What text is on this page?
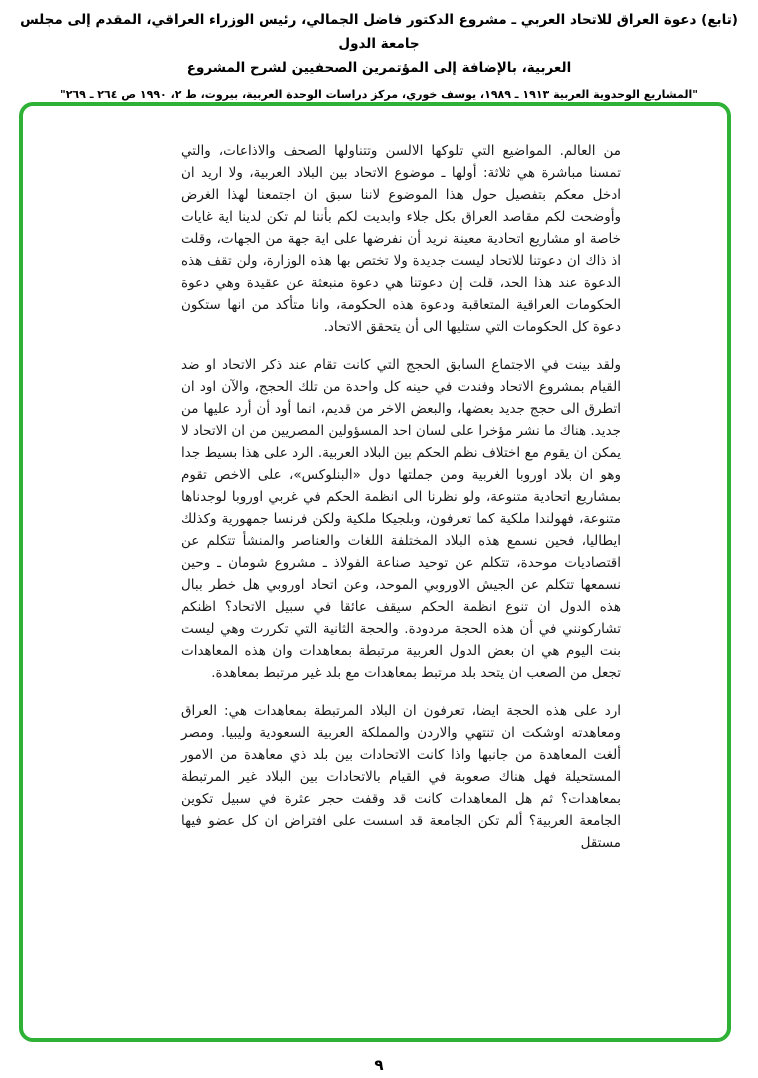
(تابع) دعوة العراق للاتحاد العربي ـ مشروع الدكتور فاضل الجمالي، رئيس الوزراء العراقي، المقدم إلى مجلس جامعة الدول
العربية، بالإضافة إلى المؤتمرين الصحفيين لشرح المشروع
"المشاريع الوحدوية العربية ١٩١٣ ـ ١٩٨٩، يوسف خوري، مركز دراسات الوحدة العربية، بيروت، ط ٢، ١٩٩٠ ص ٢٦٤ ـ ٢٦٩"

من العالم. المواضيع التي تلوكها الالسن وتتناولها الصحف والاذاعات، والتي تمسنا مباشرة هي ثلاثة: أولها ـ موضوع الاتحاد بين البلاد العربية، ولا اريد ان ادخل معكم بتفصيل حول هذا الموضوع لاننا سبق ان اجتمعنا لهذا الغرض وأوضحت لكم مقاصد العراق بكل جلاء وابديت لكم بأننا لم تكن لدينا اية غايات خاصة او مشاريع اتحادية معينة نريد أن نفرضها على اية جهة من الجهات، وقلت اذ ذاك ان دعوتنا للاتحاد ليست جديدة ولا تختص بها هذه الوزارة، ولن تقف هذه الدعوة عند هذا الحد، قلت إن دعوتنا هي دعوة منبعثة عن عقيدة وهي دعوة الحكومات العراقية المتعاقبة ودعوة هذه الحكومة، وانا متأكد من انها ستكون دعوة كل الحكومات التي ستليها الى أن يتحقق الاتحاد.

ولقد بينت في الاجتماع السابق الحجج التي كانت تقام عند ذكر الاتحاد او ضد القيام بمشروع الاتحاد وفندت في حينه كل واحدة من تلك الحجج، والآن اود ان اتطرق الى حجج جديد بعضها، والبعض الاخر من قديم، انما أود أن أرد عليها من جديد. هناك ما نشر مؤخرا على لسان احد المسؤولين المصريين من ان الاتحاد لا يمكن ان يقوم مع اختلاف نظم الحكم بين البلاد العربية. الرد على هذا بسيط جدا وهو ان بلاد اوروبا الغربية ومن جملتها دول «البنلوكس»، على الاخص تقوم بمشاريع اتحادية متنوعة، ولو نظرنا الى انظمة الحكم في غربي اوروبا لوجدناها متنوعة، فهولندا ملكية كما تعرفون، وبلجيكا ملكية ولكن فرنسا جمهورية وكذلك ايطاليا، فحين نسمع هذه البلاد المختلفة اللغات والعناصر والمنشأ تتكلم عن اقتصاديات موحدة، تتكلم عن توحيد صناعة الفولاذ ـ مشروع شومان ـ وحين نسمعها تتكلم عن الجيش الاوروبي الموحد، وعن اتحاد اوروبي هل خطر ببال هذه الدول ان تنوع انظمة الحكم سيقف عائقا في سبيل الاتحاد؟ اظنكم تشاركونني في أن هذه الحجة مردودة. والحجة الثانية التي تكررت وهي ليست بنت اليوم هي ان بعض الدول العربية مرتبطة بمعاهدات وان هذه المعاهدات تجعل من الصعب ان يتحد بلد مرتبط بمعاهدات مع بلد غير مرتبط بمعاهدة.

ارد على هذه الحجة ايضا، تعرفون ان البلاد المرتبطة بمعاهدات هي: العراق ومعاهدته اوشكت ان تنتهي والاردن والمملكة العربية السعودية وليبيا. ومصر ألغت المعاهدة من جانبها واذا كانت الاتحادات بين بلد ذي معاهدة من الامور المستحيلة فهل هناك صعوبة في القيام بالاتحادات بين البلاد غير المرتبطة بمعاهدات؟ ثم هل المعاهدات كانت قد وقفت حجر عثرة في سبيل تكوين الجامعة العربية؟ ألم تكن الجامعة قد اسست على افتراض ان كل عضو فيها مستقل

٩
